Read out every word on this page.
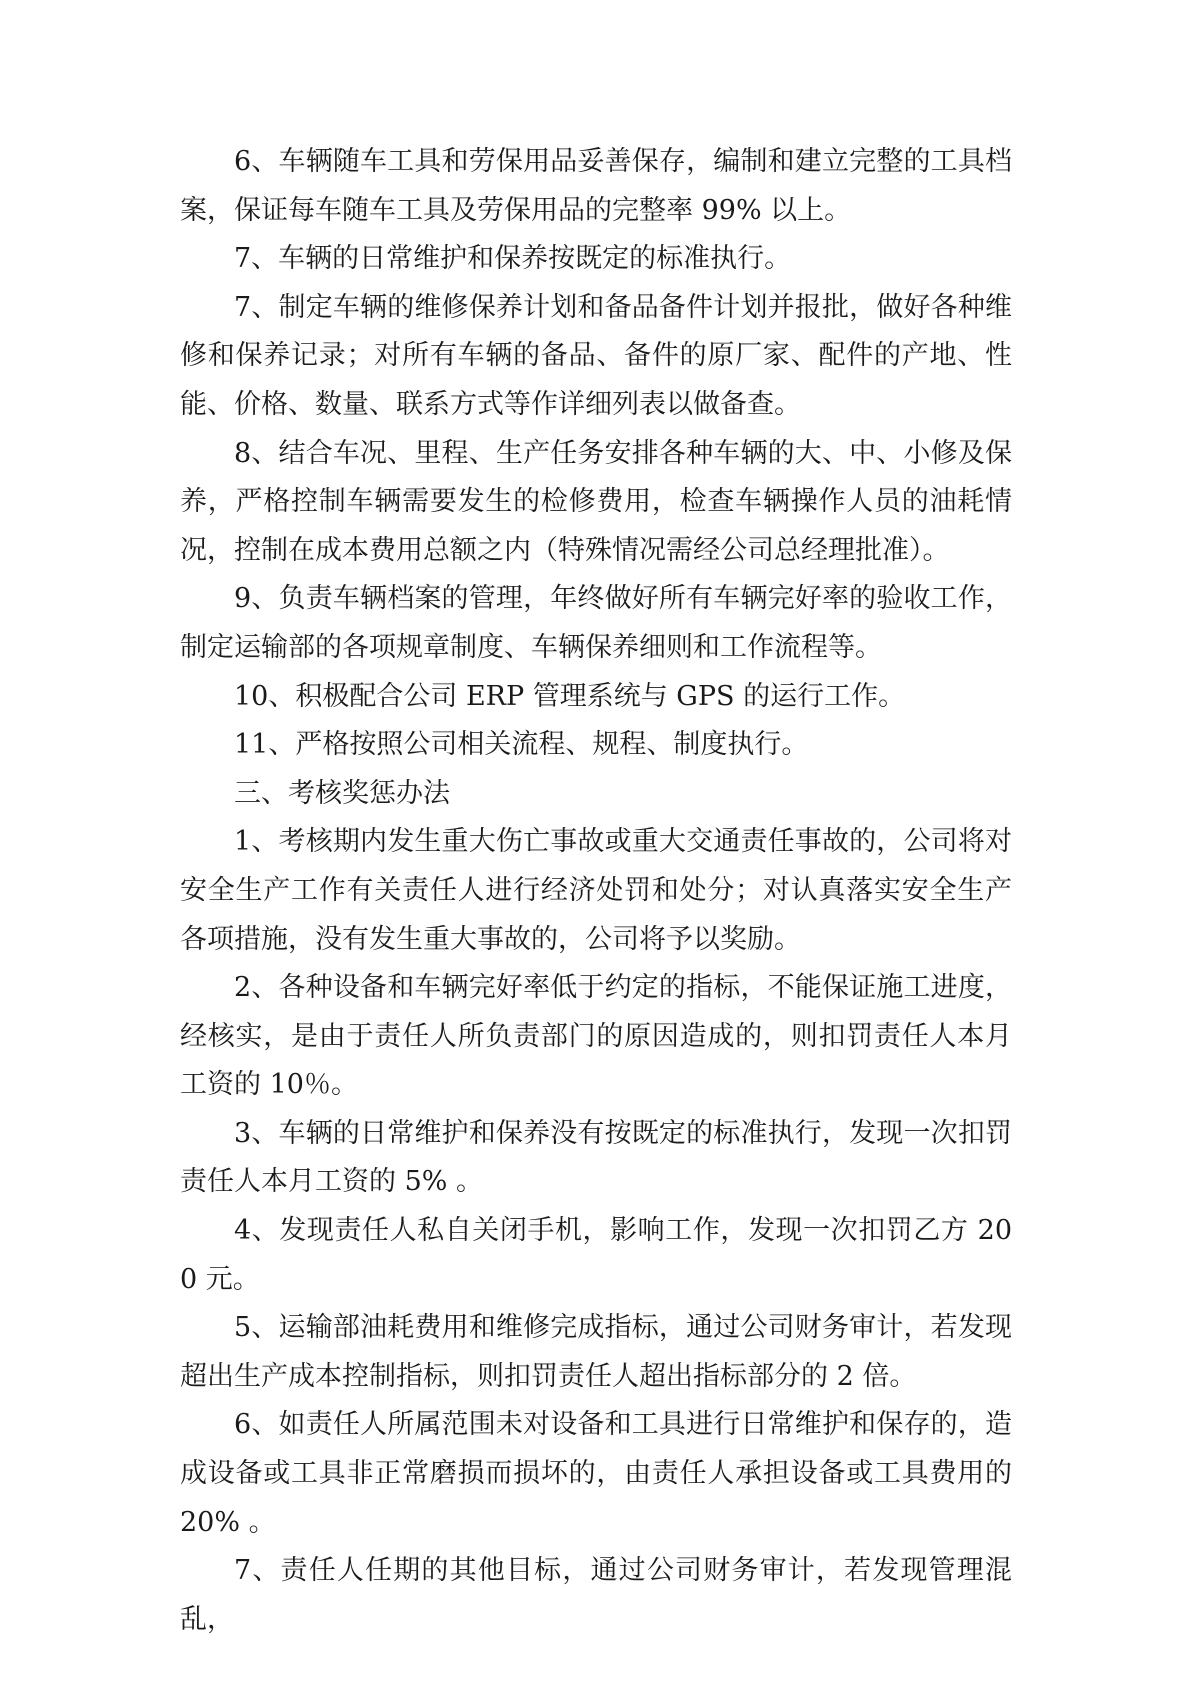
6、车辆随车工具和劳保用品妥善保存，编制和建立完整的工具档案，保证每车随车工具及劳保用品的完整率 99% 以上。

7、车辆的日常维护和保养按既定的标准执行。

7、制定车辆的维修保养计划和备品备件计划并报批，做好各种维修和保养记录；对所有车辆的备品、备件的原厂家、配件的产地、性能、价格、数量、联系方式等作详细列表以做备查。

8、结合车况、里程、生产任务安排各种车辆的大、中、小修及保养，严格控制车辆需要发生的检修费用，检查车辆操作人员的油耗情况，控制在成本费用总额之内（特殊情况需经公司总经理批准）。

9、负责车辆档案的管理，年终做好所有车辆完好率的验收工作，制定运输部的各项规章制度、车辆保养细则和工作流程等。

10、积极配合公司 ERP 管理系统与 GPS 的运行工作。

11、严格按照公司相关流程、规程、制度执行。

三、考核奖惩办法

1、考核期内发生重大伤亡事故或重大交通责任事故的，公司将对安全生产工作有关责任人进行经济处罚和处分；对认真落实安全生产各项措施，没有发生重大事故的，公司将予以奖励。

2、各种设备和车辆完好率低于约定的指标，不能保证施工进度，经核实，是由于责任人所负责部门的原因造成的，则扣罚责任人本月工资的 10％。

3、车辆的日常维护和保养没有按既定的标准执行，发现一次扣罚责任人本月工资的 5% 。

4、发现责任人私自关闭手机，影响工作，发现一次扣罚乙方 200 元。

5、运输部油耗费用和维修完成指标，通过公司财务审计，若发现超出生产成本控制指标，则扣罚责任人超出指标部分的 2 倍。

6、如责任人所属范围未对设备和工具进行日常维护和保存的，造成设备或工具非正常磨损而损坏的，由责任人承担设备或工具费用的 20% 。

7、责任人任期的其他目标，通过公司财务审计，若发现管理混乱，
